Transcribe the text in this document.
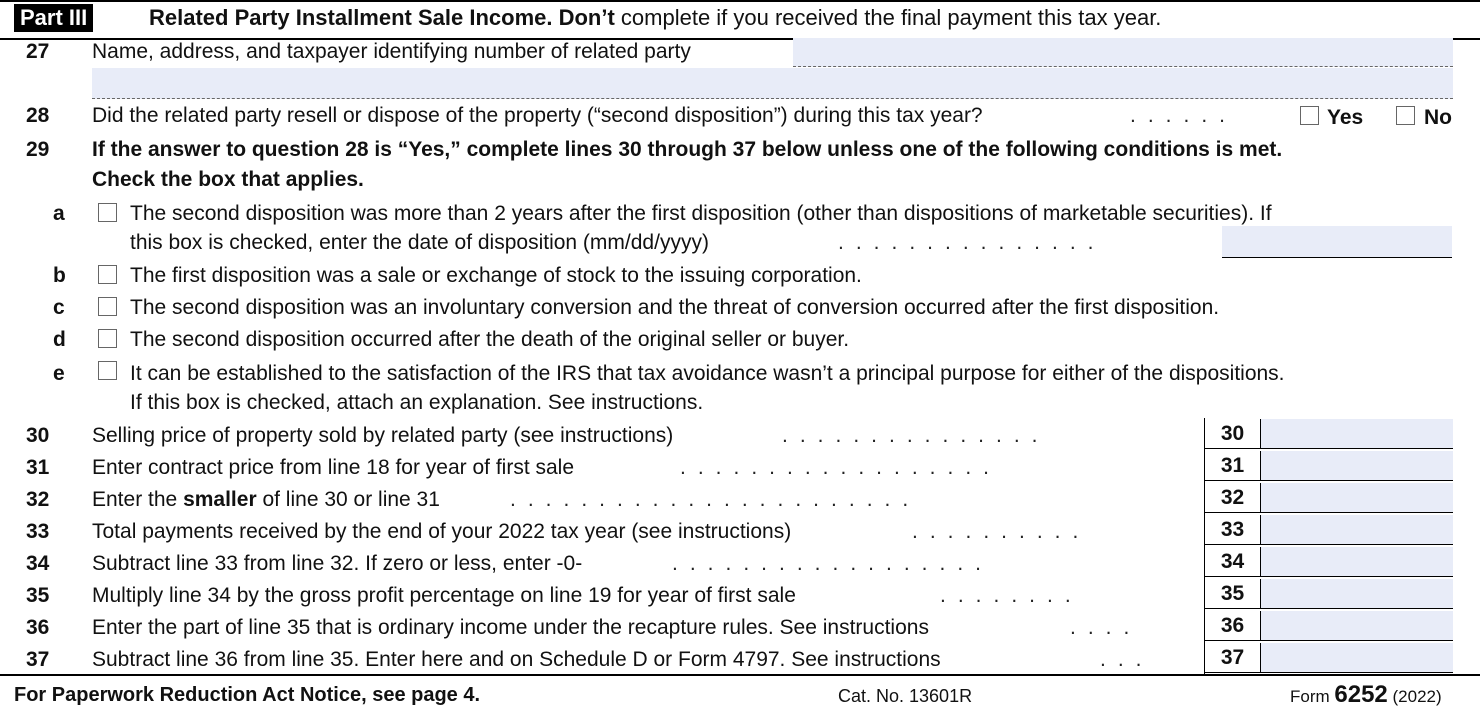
Part III	Related Party Installment Sale Income. Don’t complete if you received the final payment this tax year.
27 Name, address, and taxpayer identifying number of related party
28 Did the related party resell or dispose of the property (“second disposition”) during this tax year?	......	Yes	No
29 If the answer to question 28 is “Yes,” complete lines 30 through 37 below unless one of the following conditions is met.
Check the box that applies.
a	The second disposition was more than 2 years after the first disposition (other than dispositions of marketable securities). If
this box is checked, enter the date of disposition (mm/dd/yyyy)	...............
b	The first disposition was a sale or exchange of stock to the issuing corporation.
c	The second disposition was an involuntary conversion and the threat of conversion occurred after the first disposition.
d	The second disposition occurred after the death of the original seller or buyer.
e	It can be established to the satisfaction of the IRS that tax avoidance wasn’t a principal purpose for either of the dispositions.
If this box is checked, attach an explanation. See instructions.
30 Selling price of property sold by related party (see instructions)	...............	30
31 Enter contract price from line 18 for year of first sale	..................	31
32 Enter the smaller of line 30 or line 31	.......................	32
33 Total payments received by the end of your 2022 tax year (see instructions)	..........	33
34 Subtract line 33 from line 32. If zero or less, enter -0-	..................	34
35 Multiply line 34 by the gross profit percentage on line 19 for year of first sale	........	35
36 Enter the part of line 35 that is ordinary income under the recapture rules. See instructions	....	36
37 Subtract line 36 from line 35. Enter here and on Schedule D or Form 4797. See instructions	...	37
For Paperwork Reduction Act Notice, see page 4.	Cat. No. 13601R	Form 6252 (2022)
